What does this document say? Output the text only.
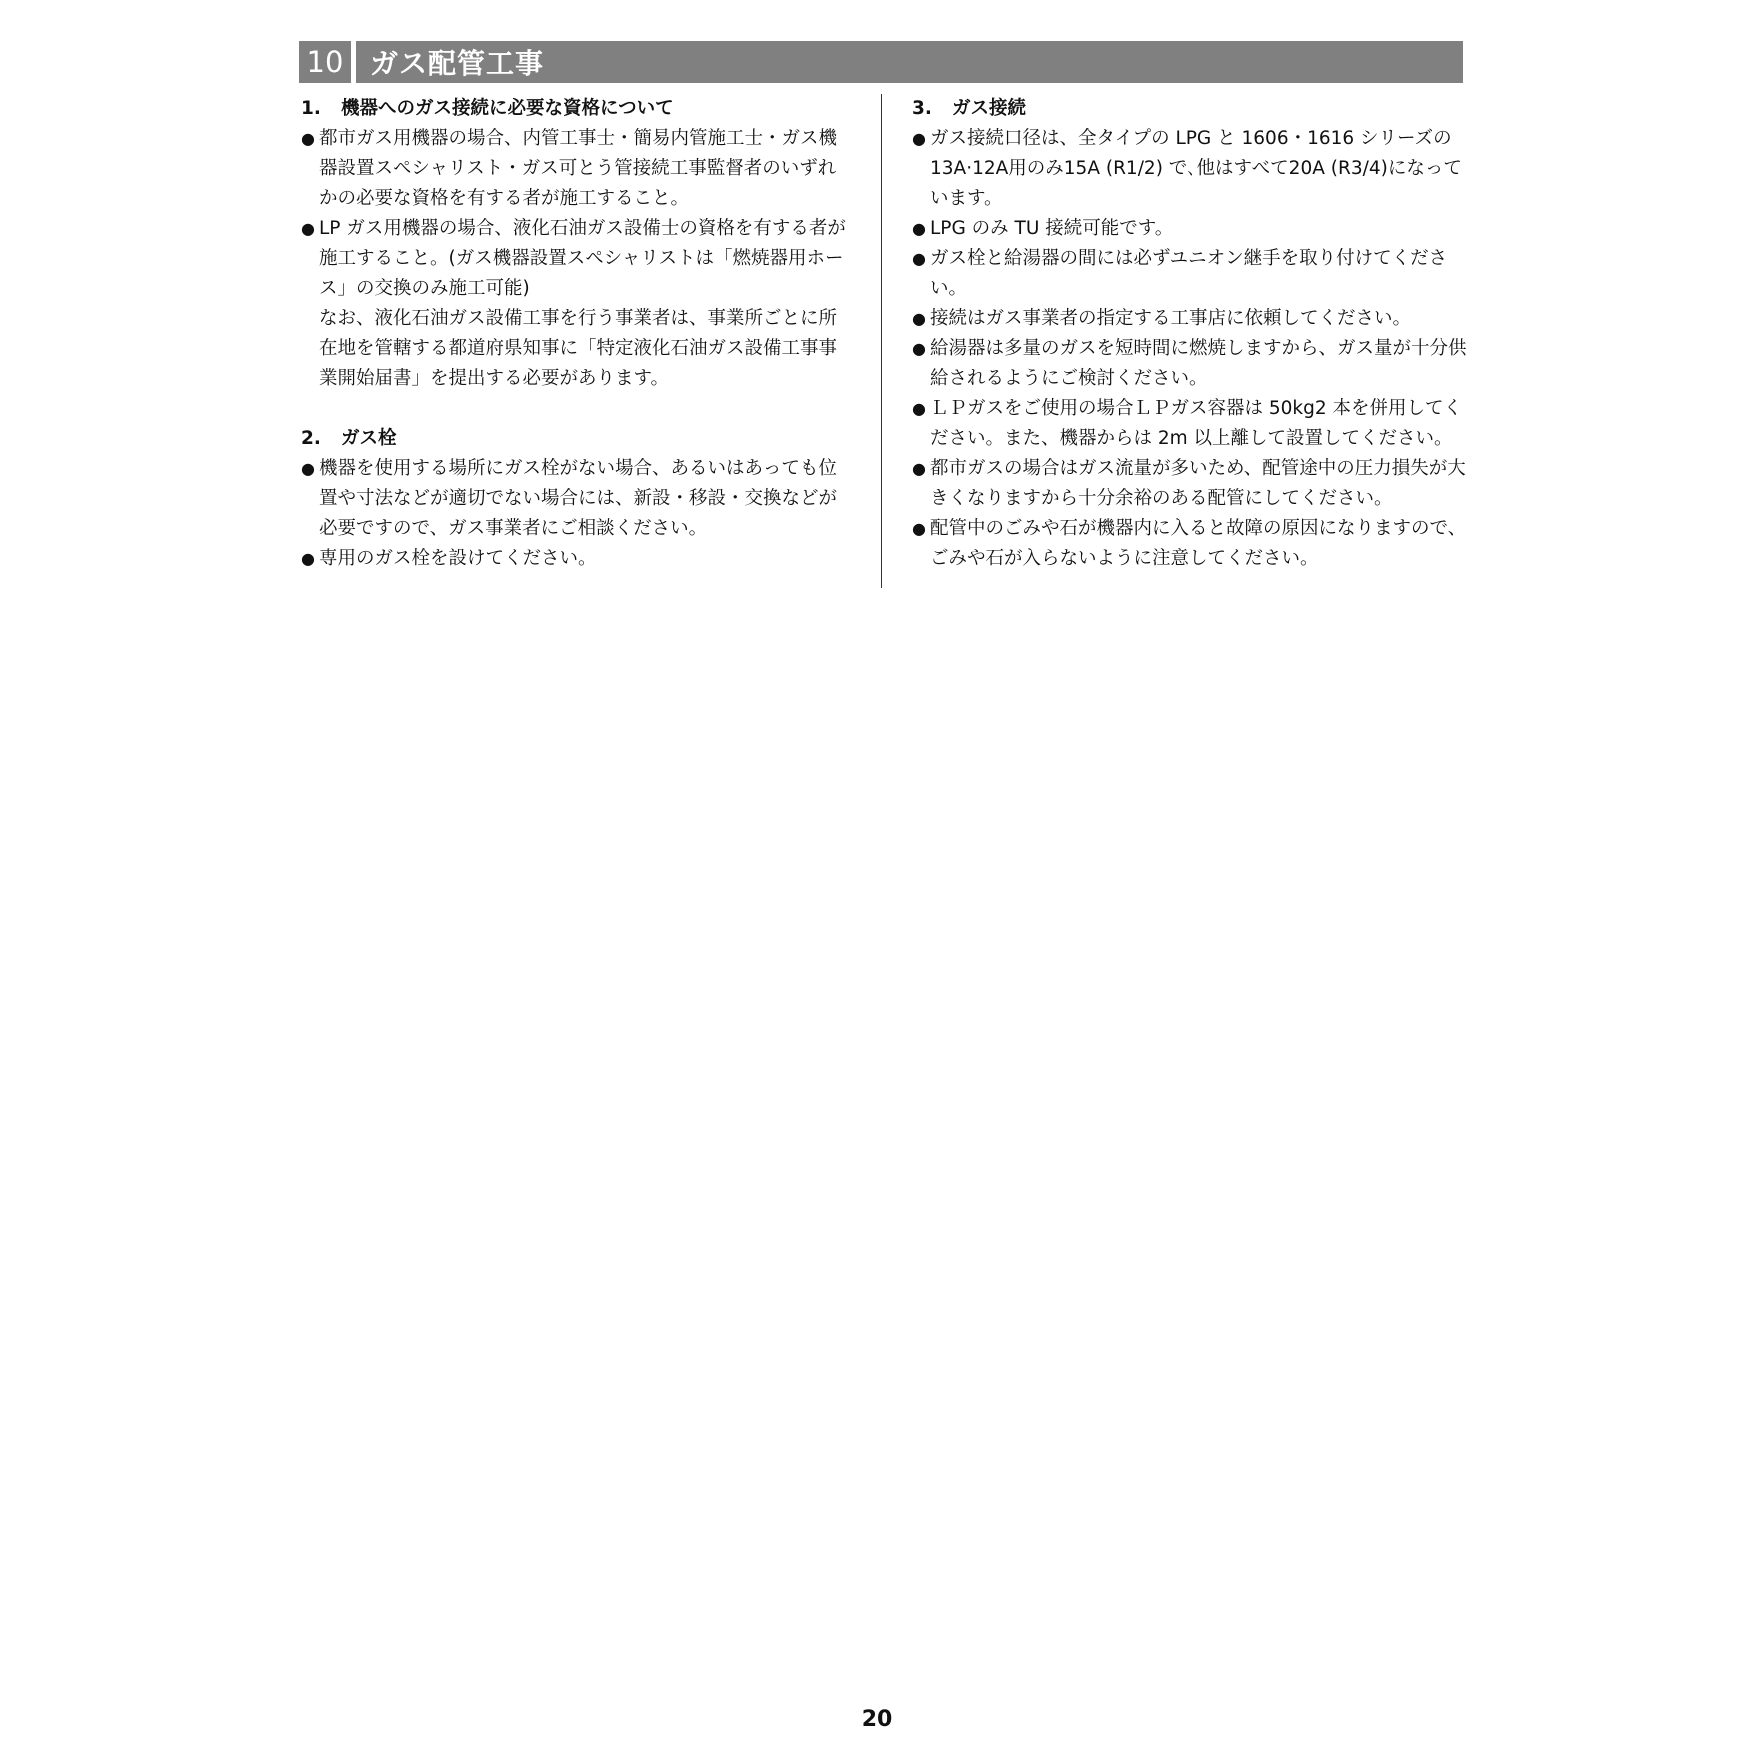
10 ガス配管工事
1. 機器へのガス接続に必要な資格について
● 都市ガス用機器の場合、内管工事士・簡易内管施工士・ガス機器設置スペシャリスト・ガス可とう管接続工事監督者のいずれかの必要な資格を有する者が施工すること。
● LP ガス用機器の場合、液化石油ガス設備士の資格を有する者が施工すること。(ガス機器設置スペシャリストは「燃焼器用ホース」の交換のみ施工可能)

なお、液化石油ガス設備工事を行う事業者は、事業所ごとに所在地を管轄する都道府県知事に「特定液化石油ガス設備工事事業開始届書」を提出する必要があります。

2. ガス栓
● 機器を使用する場所にガス栓がない場合、あるいはあっても位置や寸法などが適切でない場合には、新設・移設・交換などが必要ですので、ガス事業者にご相談ください。
● 専用のガス栓を設けてください。
3. ガス接続
● ガス接続口径は、全タイプの LPG と 1606・1616 シリーズの13A·12A用のみ15A (R1/2) で､他はすべて20A (R3/4)になっています。
● LPG のみ TU 接続可能です。
● ガス栓と給湯器の間には必ずユニオン継手を取り付けてください。
● 接続はガス事業者の指定する工事店に依頼してください。
● 給湯器は多量のガスを短時間に燃焼しますから、ガス量が十分供給されるようにご検討ください。
● ＬＰガスをご使用の場合ＬＰガス容器は 50kg2 本を併用してください。また、機器からは 2m 以上離して設置してください。
● 都市ガスの場合はガス流量が多いため、配管途中の圧力損失が大きくなりますから十分余裕のある配管にしてください。
● 配管中のごみや石が機器内に入ると故障の原因になりますので、ごみや石が入らないように注意してください。
20
